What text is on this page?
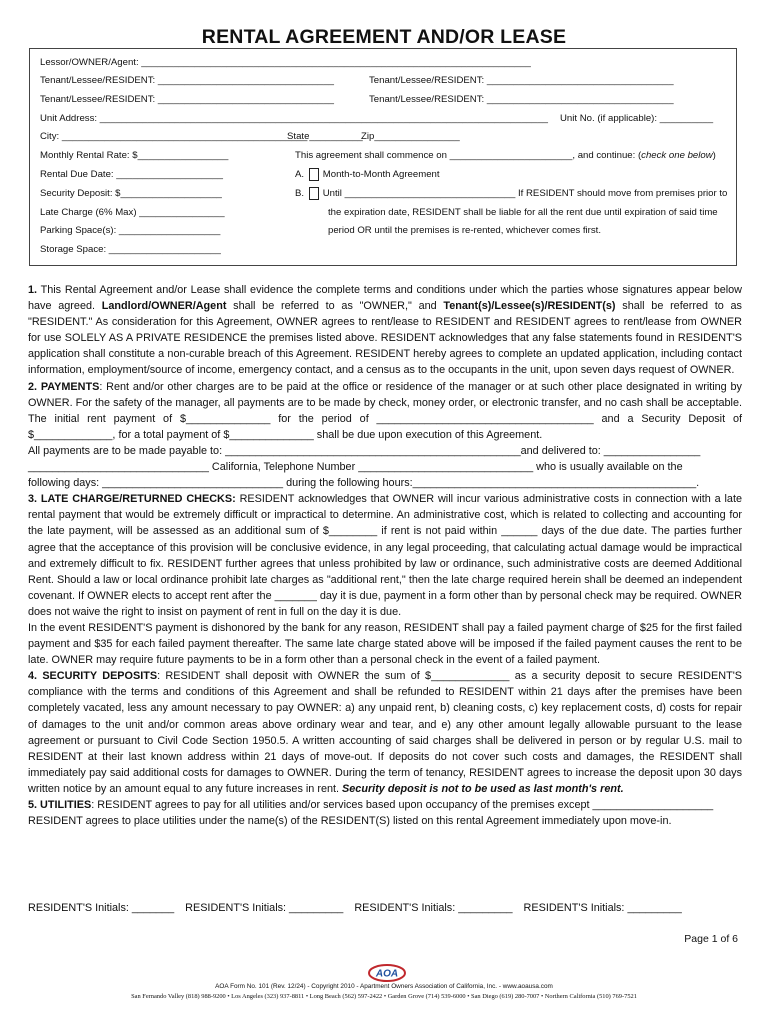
RENTAL AGREEMENT AND/OR LEASE
Lessor/OWNER/Agent: _________________________________________________________________________
Tenant/Lessee/RESIDENT: _________________________________	Tenant/Lessee/RESIDENT: ___________________________________
Tenant/Lessee/RESIDENT: _________________________________	Tenant/Lessee/RESIDENT: ___________________________________
Unit Address: ____________________________________________________________________________________ Unit No. (if applicable): __________
City: ______________________________________________
State__________
Zip________________
Monthly Rental Rate: $_________________	This agreement shall commence on _______________________, and continue: (check one below)
Rental Due Date: ____________________	A. Month-to-Month Agreement
Security Deposit: $___________________	B. Until ________________________________ If RESIDENT should move from premises prior to
Late Charge (6% Max) ________________	the expiration date, RESIDENT shall be liable for all the rent due until expiration of said time
Parking Space(s): ___________________	period OR until the premises is re-rented, whichever comes first.
Storage Space: _____________________

1. This Rental Agreement and/or Lease shall evidence the complete terms and conditions under which the parties whose signatures appear below have agreed. Landlord/OWNER/Agent shall be referred to as "OWNER," and Tenant(s)/Lessee(s)/RESIDENT(s) shall be referred to as "RESIDENT." As consideration for this Agreement, OWNER agrees to rent/lease to RESIDENT and RESIDENT agrees to rent/lease from OWNER for use SOLELY AS A PRIVATE RESIDENCE the premises listed above. RESIDENT acknowledges that any false statements found in RESIDENT'S application shall constitute a non-curable breach of this Agreement. RESIDENT hereby agrees to complete an updated application, including contact information, employment/source of income, emergency contact, and a census as to the occupants in the unit, upon seven days request of OWNER.

2. PAYMENTS: Rent and/or other charges are to be paid at the office or residence of the manager or at such other place designated in writing by OWNER. For the safety of the manager, all payments are to be made by check, money order, or electronic transfer, and no cash shall be acceptable. The initial rent payment of $______________ for the period of ____________________________________ and a Security Deposit of $_____________, for a total payment of $______________ shall be due upon execution of this Agreement.

All payments are to be made payable to: _________________________________________________and delivered to: ________________

______________________________ California, Telephone Number _____________________________ who is usually available on the

following days: ______________________________ during the following hours:_______________________________________________.

3. LATE CHARGE/RETURNED CHECKS: RESIDENT acknowledges that OWNER will incur various administrative costs in connection with a late rental payment that would be extremely difficult or impractical to determine. An administrative cost, which is related to collecting and accounting for the late payment, will be assessed as an additional sum of $________ if rent is not paid within ______ days of the due date. The parties further agree that the acceptance of this provision will be conclusive evidence, in any legal proceeding, that calculating actual damage would be impractical and extremely difficult to fix. RESIDENT further agrees that unless prohibited by law or ordinance, such administrative costs are deemed Additional Rent. Should a law or local ordinance prohibit late charges as "additional rent," then the late charge required herein shall be deemed an independent covenant. If OWNER elects to accept rent after the _______ day it is due, payment in a form other than by personal check may be required. OWNER does not waive the right to insist on payment of rent in full on the day it is due.

In the event RESIDENT'S payment is dishonored by the bank for any reason, RESIDENT shall pay a failed payment charge of $25 for the first failed payment and $35 for each failed payment thereafter. The same late charge stated above will be imposed if the failed payment causes the rent to be late. OWNER may require future payments to be in a form other than a personal check in the event of a failed payment.

4. SECURITY DEPOSITS: RESIDENT shall deposit with OWNER the sum of $_____________ as a security deposit to secure RESIDENT'S compliance with the terms and conditions of this Agreement and shall be refunded to RESIDENT within 21 days after the premises have been completely vacated, less any amount necessary to pay OWNER: a) any unpaid rent, b) cleaning costs, c) key replacement costs, d) costs for repair of damages to the unit and/or common areas above ordinary wear and tear, and e) any other amount legally allowable pursuant to the lease agreement or pursuant to Civil Code Section 1950.5. A written accounting of said charges shall be delivered in person or by regular U.S. mail to RESIDENT at their last known address within 21 days of move-out. If deposits do not cover such costs and damages, the RESIDENT shall immediately pay said additional costs for damages to OWNER. During the term of tenancy, RESIDENT agrees to increase the deposit upon 30 days written notice by an amount equal to any future increases in rent. Security deposit is not to be used as last month's rent.

5. UTILITIES: RESIDENT agrees to pay for all utilities and/or services based upon occupancy of the premises except ____________________

RESIDENT agrees to place utilities under the name(s) of the RESIDENT(S) listed on this rental Agreement immediately upon move-in.

RESIDENT'S Initials: _______ RESIDENT'S Initials: _________ RESIDENT'S Initials: _________ RESIDENT'S Initials: _________
Page 1 of 6
AOA
AOA Form No. 101 (Rev. 12/24) - Copyright 2010 - Apartment Owners Association of California, Inc. - www.aoausa.com
San Fernando Valley (818) 988-9200 • Los Angeles (323) 937-8811 • Long Beach (562) 597-2422 • Garden Grove (714) 539-6000 • San Diego (619) 280-7007 • Northern California (510) 769-7521
